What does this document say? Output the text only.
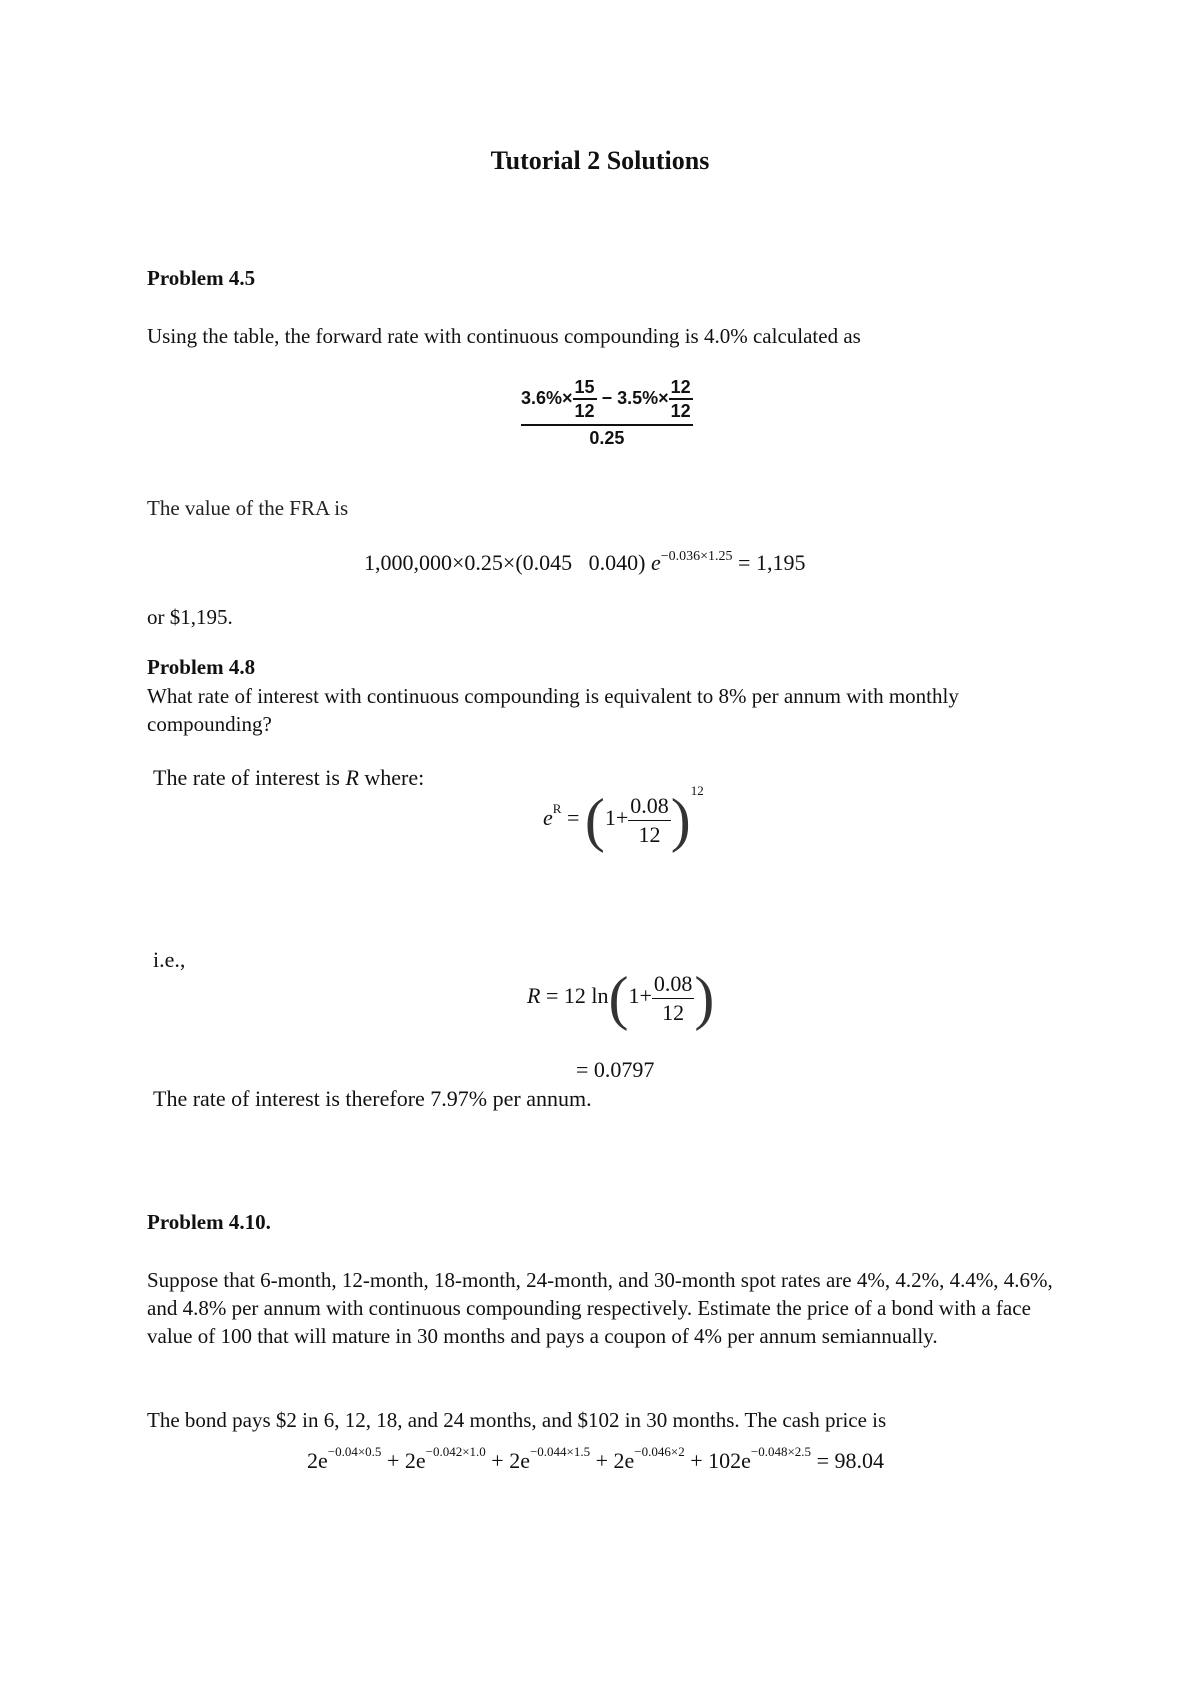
Tutorial 2 Solutions
Problem 4.5
Using the table, the forward rate with continuous compounding is 4.0% calculated as
$3.6\%\times \frac{15}{12} - 3.5\%\times \frac{12}{12}$
0.25
The value of the FRA is
1,000,000×0.25×(0.045   0.040) $e^{-0.036\times 1.25} = 1,195$
or $1,195.
Problem 4.8
What rate of interest with continuous compounding is equivalent to 8% per annum with monthly compounding?
The rate of interest is R where:
$e^R = (1+ \frac{0.08}{12} )^{12}$
i.e.,
R = 12 $\ln(1+ \frac{0.08}{12}$ )
= 0.0797
The rate of interest is therefore 7.97% per annum.
Problem 4.10.
Suppose that 6-month, 12-month, 18-month, 24-month, and 30-month spot rates are 4%, 4.2%, 4.4%, 4.6%, and 4.8% per annum with continuous compounding respectively. Estimate the price of a bond with a face value of 100 that will mature in 30 months and pays a coupon of 4% per annum semiannually.
The bond pays $2 in 6, 12, 18, and 24 months, and $102 in 30 months. The cash price is
$2e^{-0.04\times 0.5} + 2e^{-0.042\times 1.0} + 2e^{-0.044\times 1.5} + 2e^{-0.046\times 2} + 102e^{-0.048\times 2.5} = 98.04$
